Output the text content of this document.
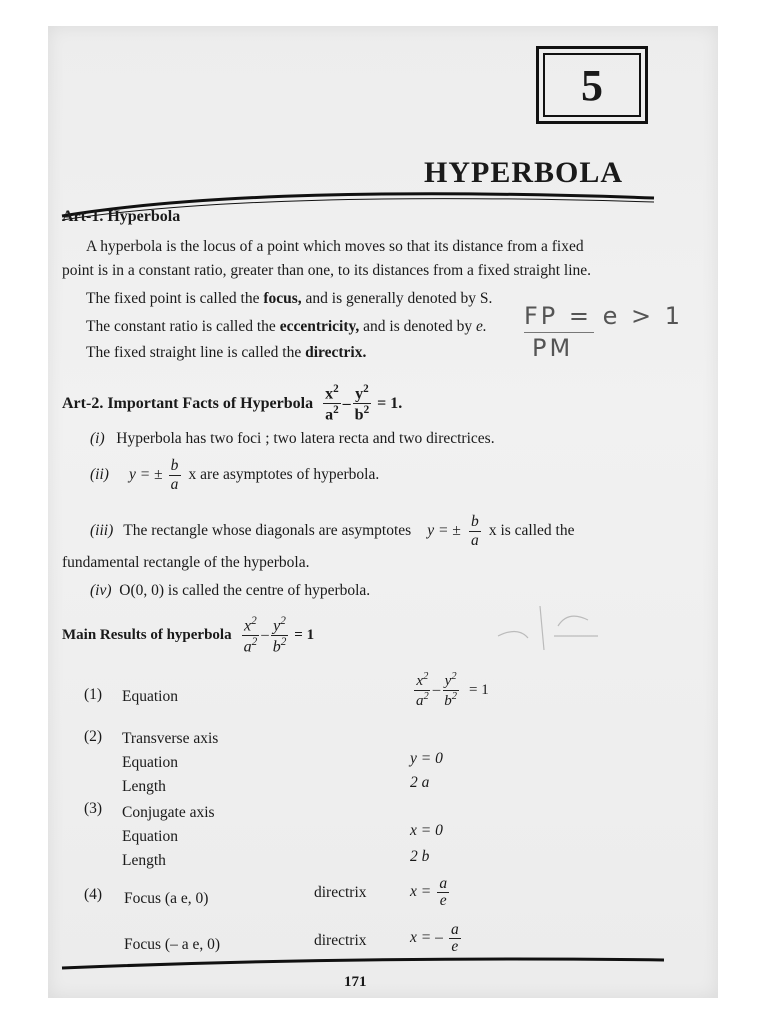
5
HYPERBOLA
Art-1. Hyperbola
A hyperbola is the locus of a point which moves so that its distance from a fixed
point is in a constant ratio, greater than one, to its distances from a fixed straight line.
The fixed point is called the focus, and is generally denoted by S.
The constant ratio is called the eccentricity, and is denoted by e.
The fixed straight line is called the directrix.
FP = e > 1
PM
Art-2. Important Facts of Hyperbola $\frac{x^2}{a^2} - \frac{y^2}{b^2} = 1$.
(i) Hyperbola has two foci ; two latera recta and two directrices.
(ii) y = ± $\frac{b}{a}$ x are asymptotes of hyperbola.
(iii) The rectangle whose diagonals are asymptotes y = ± $\frac{b}{a}$ x is called the
fundamental rectangle of the hyperbola.
(iv) O(0, 0) is called the centre of hyperbola.
Main Results of hyperbola $\frac{x^2}{a^2} - \frac{y^2}{b^2} = 1$
(1) Equation	$\frac{x^2}{a^2} - \frac{y^2}{b^2} = 1$
(2) Transverse axis
Equation	y = 0
Length	2 a
(3) Conjugate axis
Equation	x = 0
Length	2 b
(4) Focus (a e, 0)	directrix	$x = \frac{a}{e}$
Focus (– a e, 0)	directrix	x = – $\frac{a}{e}$
171
